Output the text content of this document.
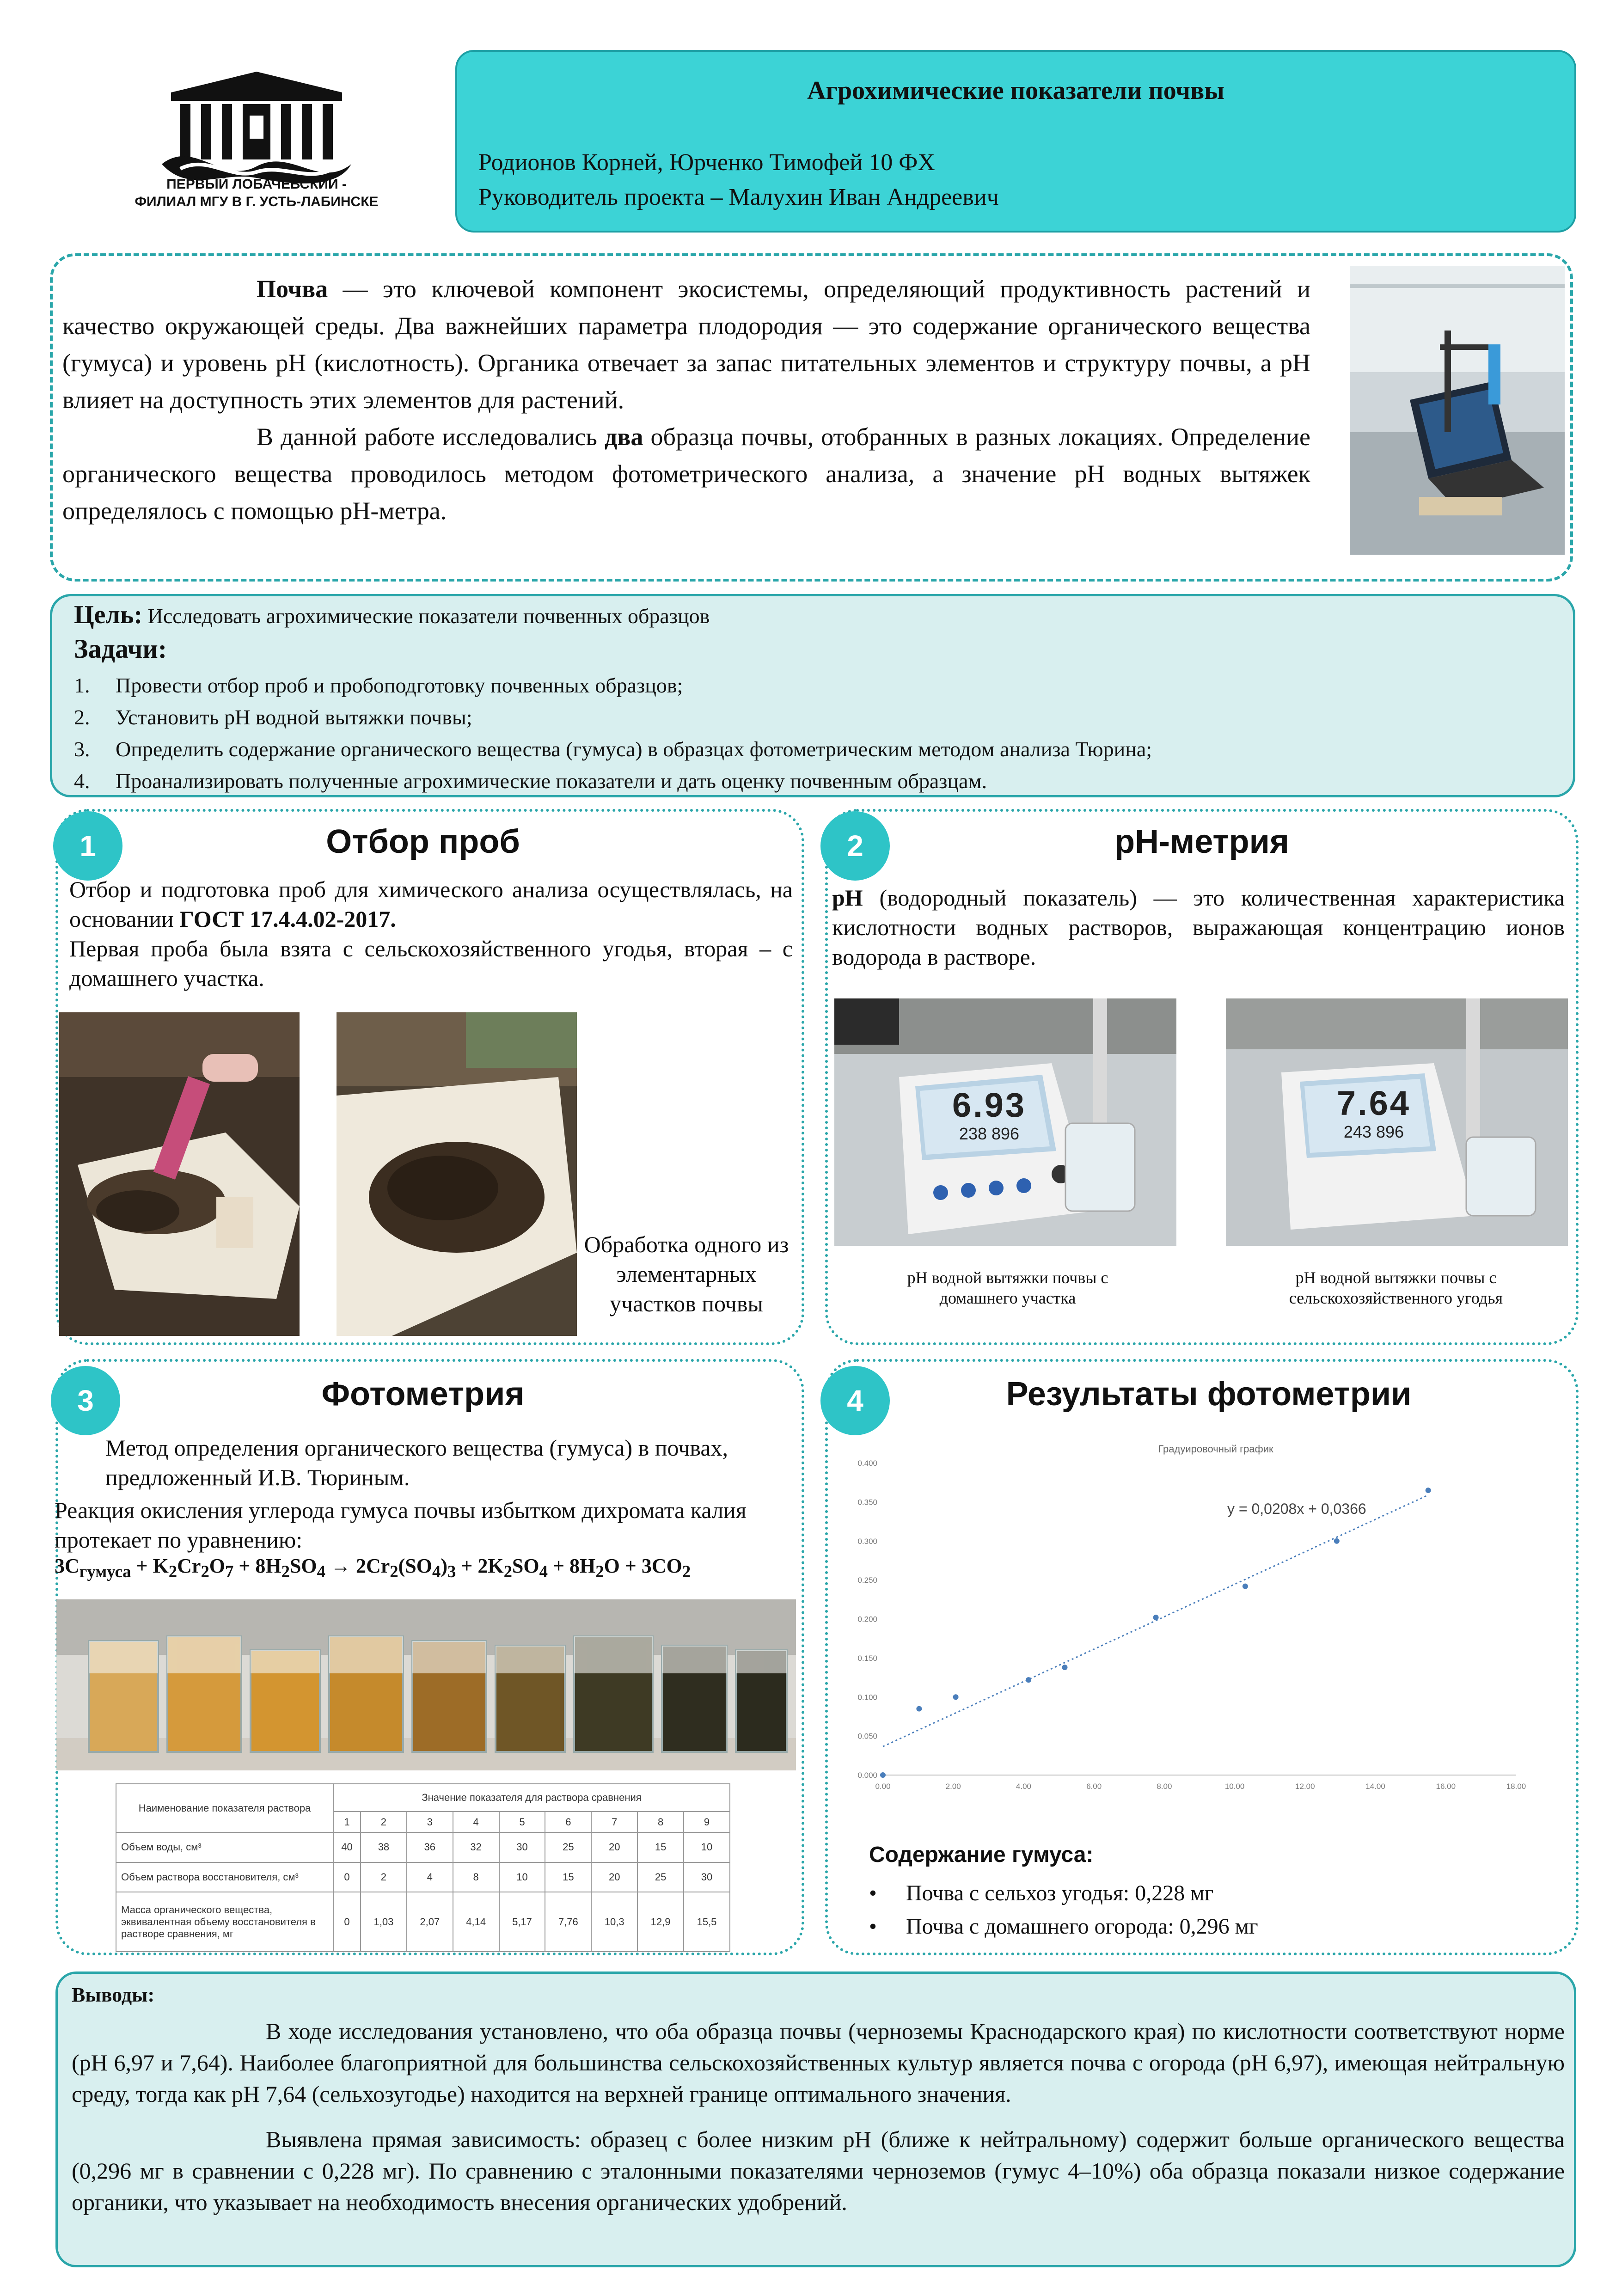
ПЕРВЫЙ ЛОБАЧЕВСКИЙ -
ФИЛИАЛ МГУ В Г. УСТЬ-ЛАБИНСКЕ
Агрохимические показатели почвы
Родионов Корней, Юрченко Тимофей 10 ФХ
Руководитель проекта – Малухин Иван Андреевич

Почва — это ключевой компонент экосистемы, определяющий продуктивность растений и качество окружающей среды. Два важнейших параметра плодородия — это содержание органического вещества (гумуса) и уровень pH (кислотность). Органика отвечает за запас питательных элементов и структуру почвы, а pH влияет на доступность этих элементов для растений.

В данной работе исследовались два образца почвы, отобранных в разных локациях. Определение органического вещества проводилось методом фотометрического анализа, а значение pH водных вытяжек определялось с помощью pH-метра.

Цель: Исследовать агрохимические показатели почвенных образцов
Задачи:
1. Провести отбор проб и пробоподготовку почвенных образцов;
2. Установить pH водной вытяжки почвы;
3. Определить содержание органического вещества (гумуса) в образцах фотометрическим методом анализа Тюрина;
4. Проанализировать полученные агрохимические показатели и дать оценку почвенным образцам.
1	Отбор проб

Отбор и подготовка проб для химического анализа осуществлялась, на основании ГОСТ 17.4.4.02-2017.

Первая проба была взята с сельскохозяйственного угодья, вторая – с домашнего участка.

Обработка одного из элементарных участков почвы
2	pH-метрия
pH (водородный показатель) — это количественная характеристика кислотности водных растворов, выражающая концентрацию ионов водорода в растворе.
6.93
238 896
7.64
243 896
pH водной вытяжки почвы с домашнего участка
pH водной вытяжки почвы с сельскохозяйственного угодья
3	Фотометрия
Метод определения органического вещества (гумуса) в почвах, предложенный И.В. Тюриным.
Реакция окисления углерода гумуса почвы избытком дихромата калия протекает по уравнению:
$3C_{гумуса} + K_2Cr_2O_7 + 8H_2SO_4 \to 2Cr_2(SO_4)_3 + 2K_2SO_4 + 8H_2O + 3CO_2$
Наименование показателя раствора	Значение показателя для раствора сравнения								
	1	2	3	4	5	6	7	8	9
Объем воды, см³	40	38	36	32	30	25	20	15	10
Объем раствора восстановителя, см³	0	2	4	8	10	15	20	25	30
Масса органического вещества, эквивалентная объему восстановителя в растворе сравнения, мг	0	1,03	2,07	4,14	5,17	7,76	10,3	12,9	15,5
4	Результаты фотометрии
Градуировочный график
0.00	2.00	4.00	6.00	8.00	10.00	12.00	14.00	16.00	18.00
0.000
0.050
0.100
0.150
0.200
0.250
0.300
0.350
0.400
y = 0,0208x + 0,0366
Содержание гумуса:
• Почва с сельхоз угодья: 0,228 мг
• Почва с домашнего огорода: 0,296 мг
Выводы:

В ходе исследования установлено, что оба образца почвы (черноземы Краснодарского края) по кислотности соответствуют норме (pH 6,97 и 7,64). Наиболее благоприятной для большинства сельскохозяйственных культур является почва с огорода (pH 6,97), имеющая нейтральную среду, тогда как pH 7,64 (сельхозугодье) находится на верхней границе оптимального значения.

Выявлена прямая зависимость: образец с более низким pH (ближе к нейтральному) содержит больше органического вещества (0,296 мг в сравнении с 0,228 мг). По сравнению с эталонными показателями черноземов (гумус 4–10%) оба образца показали низкое содержание органики, что указывает на необходимость внесения органических удобрений.
